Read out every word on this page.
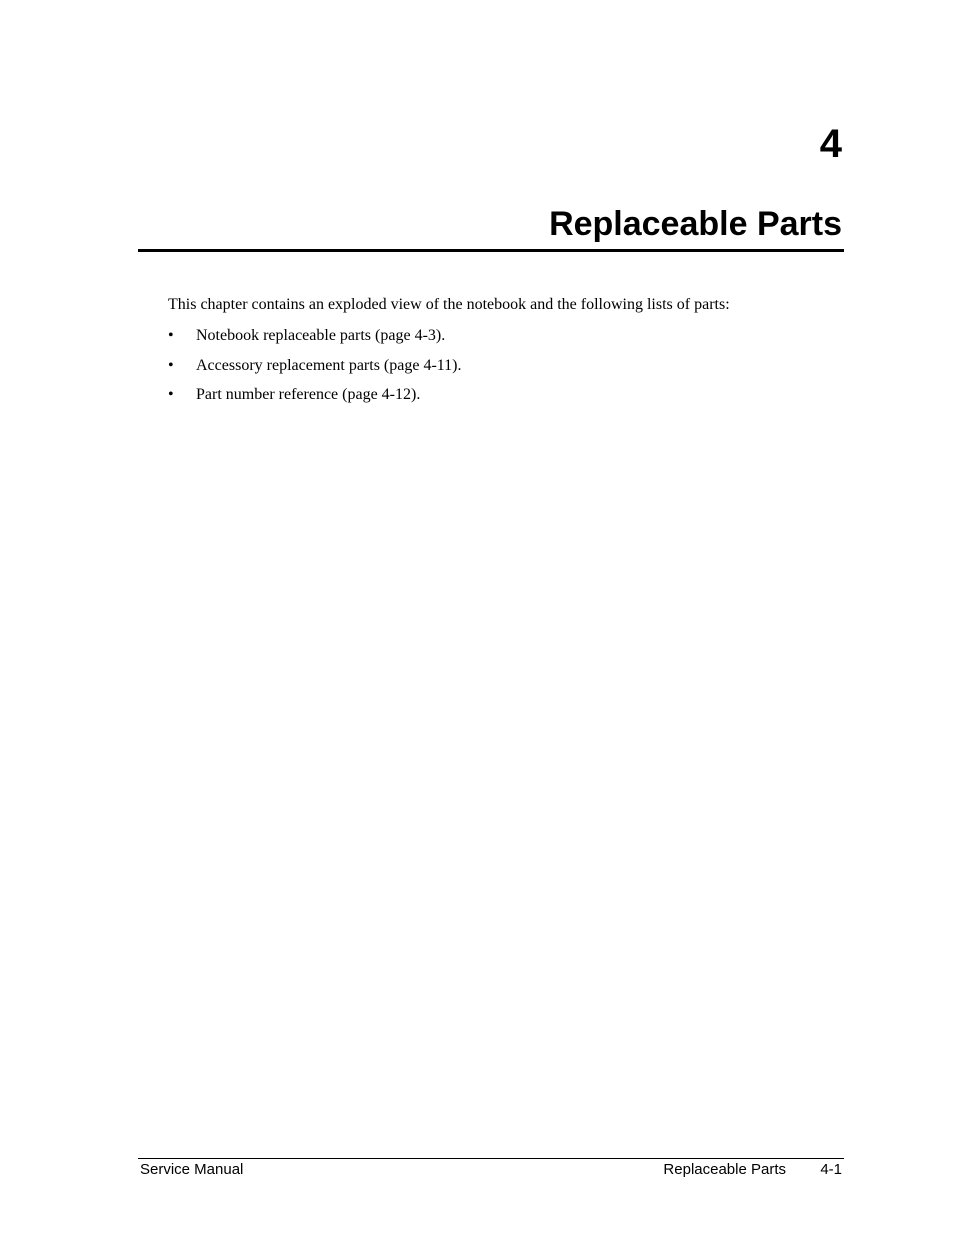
4
Replaceable Parts

This chapter contains an exploded view of the notebook and the following lists of parts:

• Notebook replaceable parts (page 4-3).
• Accessory replacement parts (page 4-11).
• Part number reference (page 4-12).
Service Manual	Replaceable Parts 4-1
